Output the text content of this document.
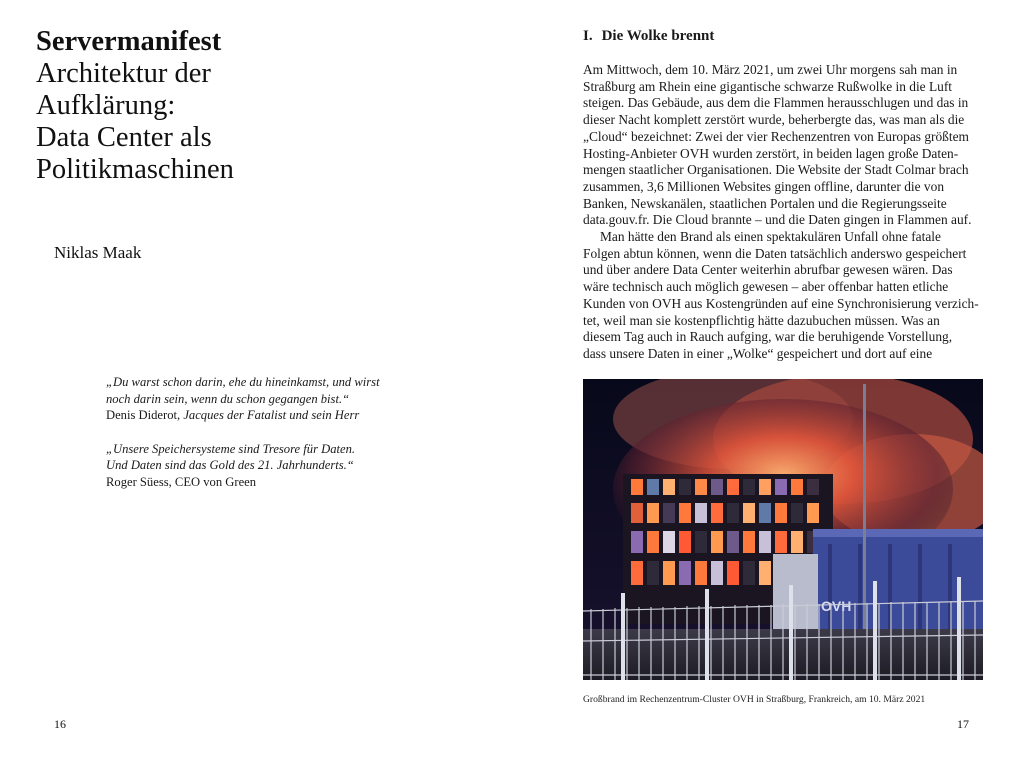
Servermanifest
Architektur der
Aufklärung:
Data Center als
Politikmaschinen
Niklas Maak
„Du warst schon darin, ehe du hineinkamst, und wirst
noch darin sein, wenn du schon gegangen bist.“
Denis Diderot, Jacques der Fatalist und sein Herr
„Unsere Speichersysteme sind Tresore für Daten.
Und Daten sind das Gold des 21. Jahrhunderts.“
Roger Süess, CEO von Green
16
I. Die Wolke brennt
Am Mittwoch, dem 10. März 2021, um zwei Uhr morgens sah man in
Straßburg am Rhein eine gigantische schwarze Rußwolke in die Luft
steigen. Das Gebäude, aus dem die Flammen herausschlugen und das in
dieser Nacht komplett zerstört wurde, beherbergte das, was man als die
„Cloud“ bezeichnet: Zwei der vier Rechenzentren von Europas größtem
Hosting-Anbieter OVH wurden zerstört, in beiden lagen große Daten-
mengen staatlicher Organisationen. Die Website der Stadt Colmar brach
zusammen, 3,6 Millionen Websites gingen offline, darunter die von
Banken, Newskanälen, staatlichen Portalen und die Regierungsseite
data.gouv.fr. Die Cloud brannte – und die Daten gingen in Flammen auf.
Man hätte den Brand als einen spektakulären Unfall ohne fatale
Folgen abtun können, wenn die Daten tatsächlich anderswo gespeichert
und über andere Data Center weiterhin abrufbar gewesen wären. Das
wäre technisch auch möglich gewesen – aber offenbar hatten etliche
Kunden von OVH aus Kostengründen auf eine Synchronisierung verzich-
tet, weil man sie kostenpflichtig hätte dazubuchen müssen. Was an
diesem Tag auch in Rauch aufging, war die beruhigende Vorstellung,
dass unsere Daten in einer „Wolke“ gespeichert und dort auf eine
OVH
Großbrand im Rechenzentrum-Cluster OVH in Straßburg, Frankreich, am 10. März 2021
17
